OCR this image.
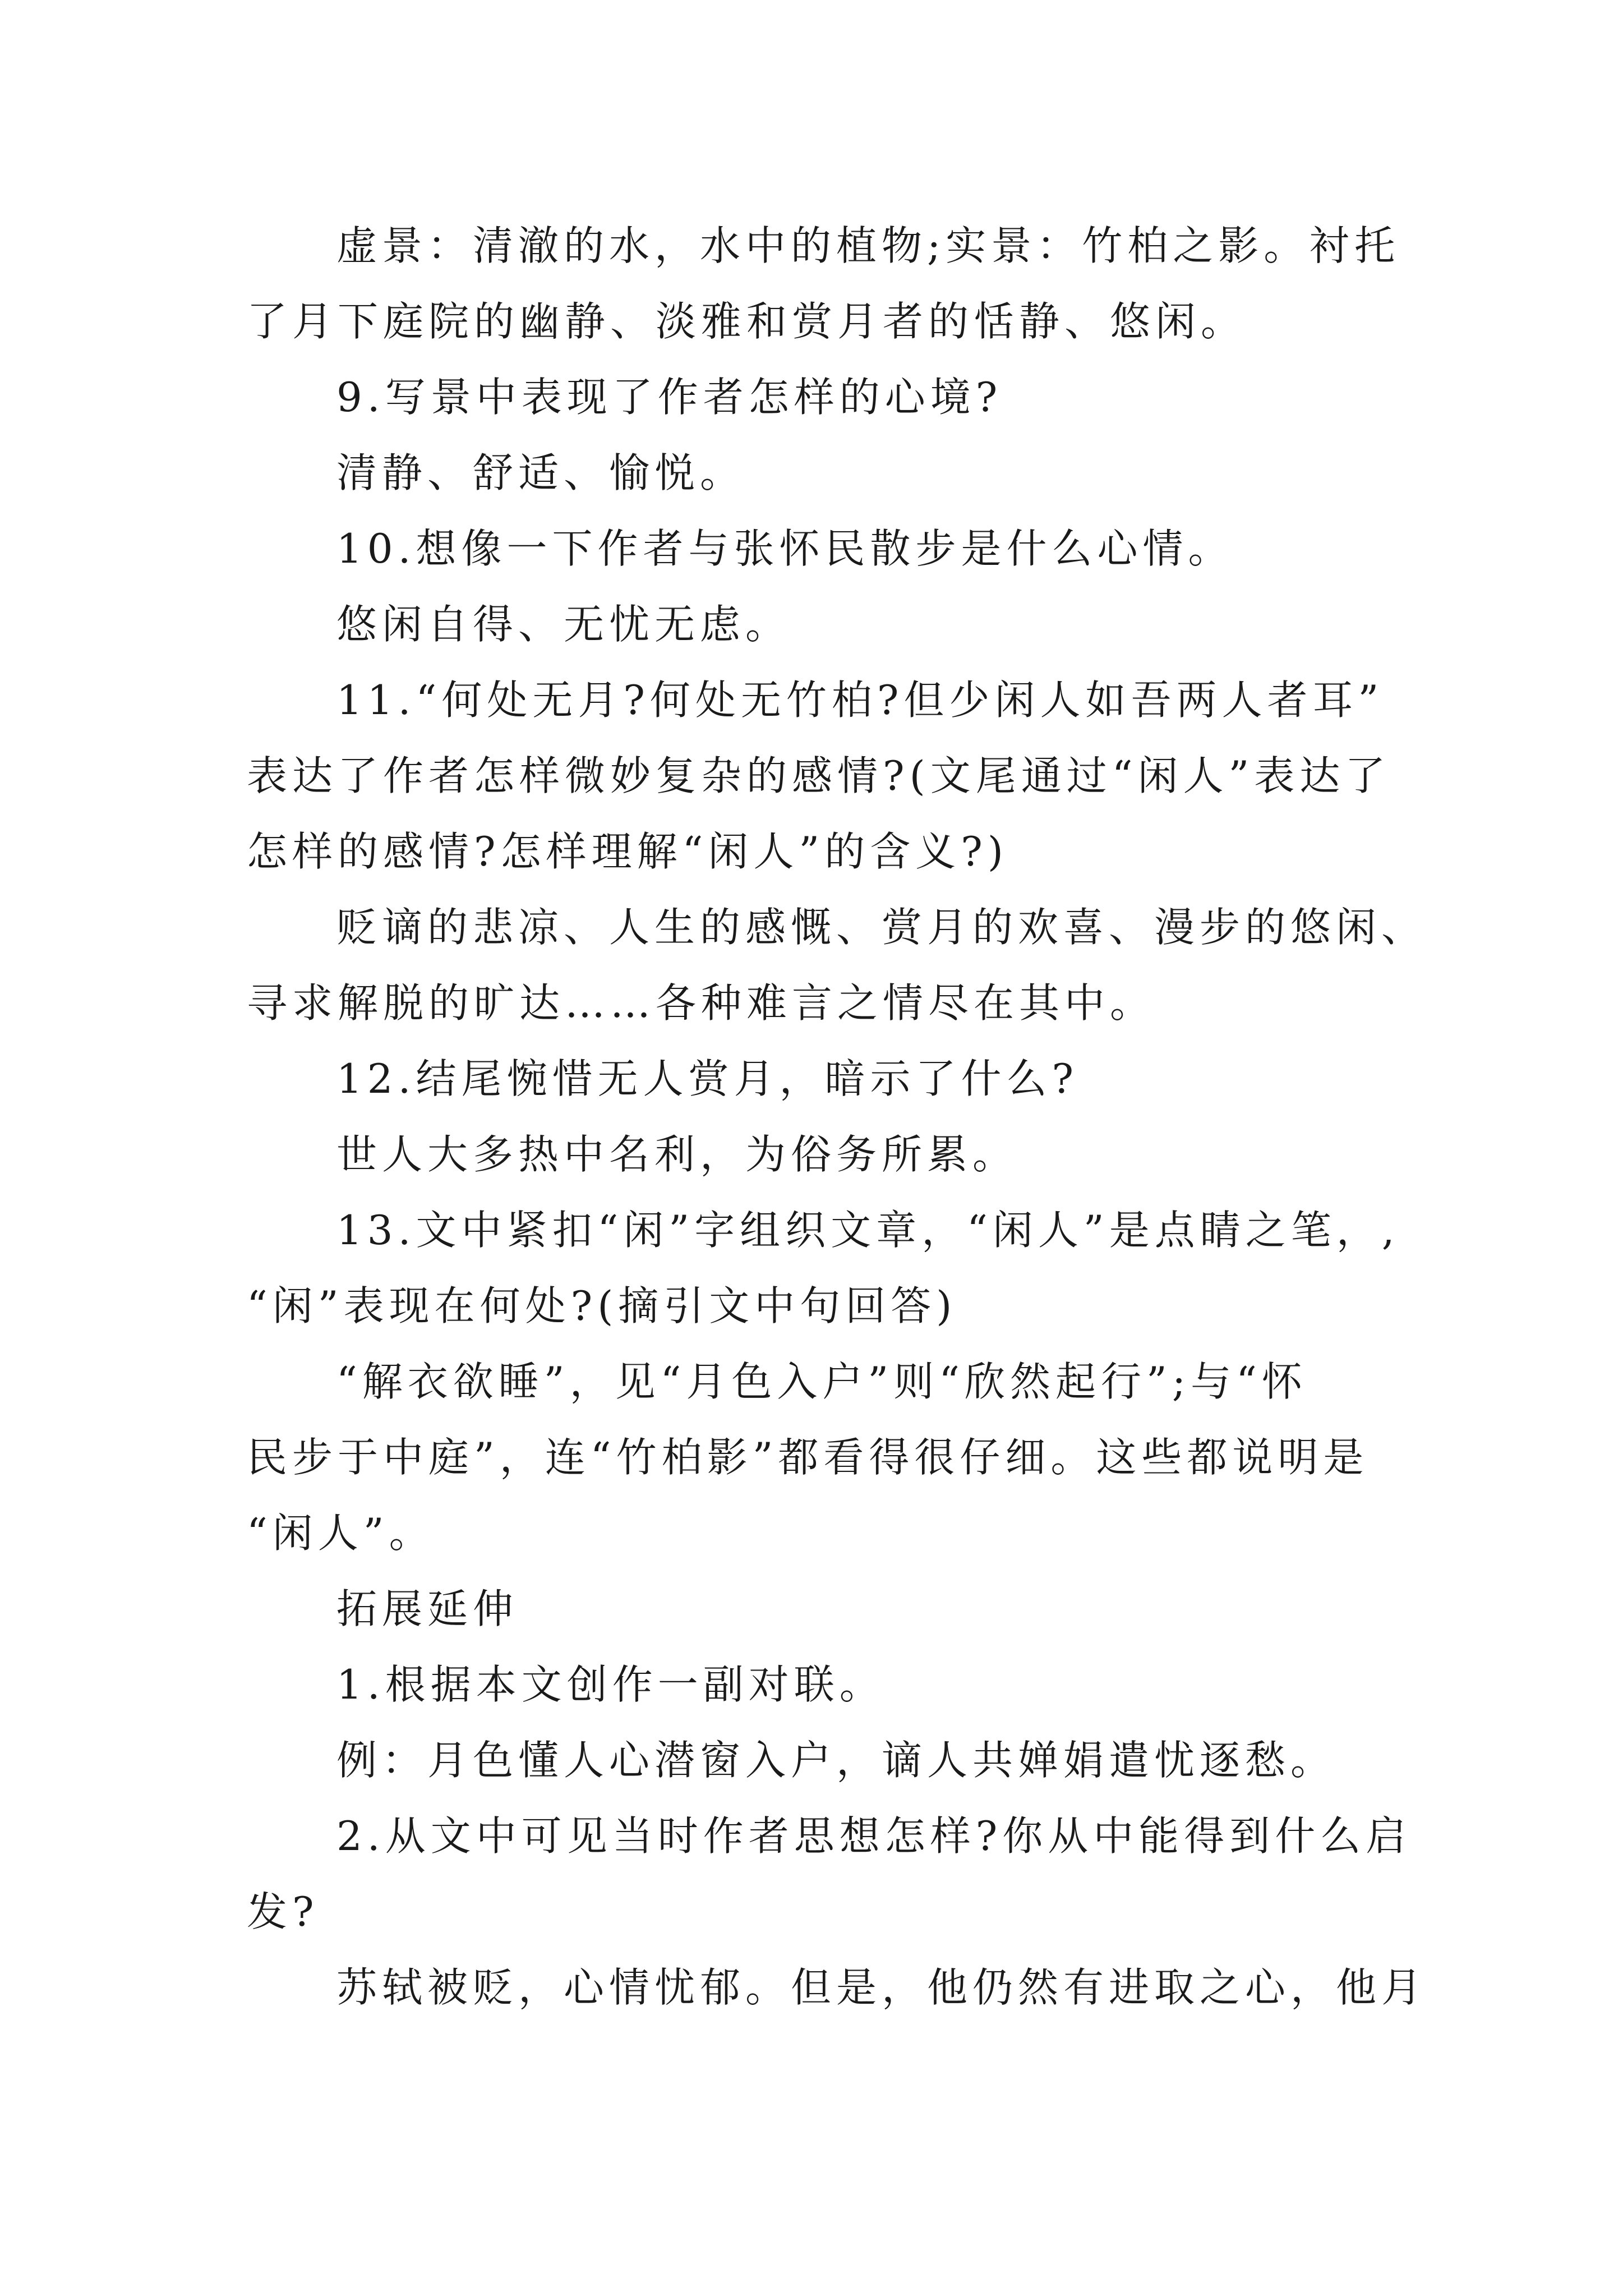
虚景：清澈的水，水中的植物;实景：竹柏之影。衬托

了月下庭院的幽静、淡雅和赏月者的恬静、悠闲。

9.写景中表现了作者怎样的心境?

清静、舒适、愉悦。

10.想像一下作者与张怀民散步是什么心情。

悠闲自得、无忧无虑。

11.“何处无月?何处无竹柏?但少闲人如吾两人者耳”

表达了作者怎样微妙复杂的感情?(文尾通过“闲人”表达了

怎样的感情?怎样理解“闲人”的含义?)

贬谪的悲凉、人生的感慨、赏月的欢喜、漫步的悠闲、

寻求解脱的旷达……各种难言之情尽在其中。

12.结尾惋惜无人赏月，暗示了什么?

世人大多热中名利，为俗务所累。

13.文中紧扣“闲”字组织文章，“闲人”是点睛之笔，,

“闲”表现在何处?(摘引文中句回答)

“解衣欲睡”，见“月色入户”则“欣然起行”;与“怀

民步于中庭”，连“竹柏影”都看得很仔细。这些都说明是

“闲人”。

拓展延伸

1.根据本文创作一副对联。

例：月色懂人心潜窗入户，谪人共婵娟遣忧逐愁。

2.从文中可见当时作者思想怎样?你从中能得到什么启

发?

苏轼被贬，心情忧郁。但是，他仍然有进取之心，他月
